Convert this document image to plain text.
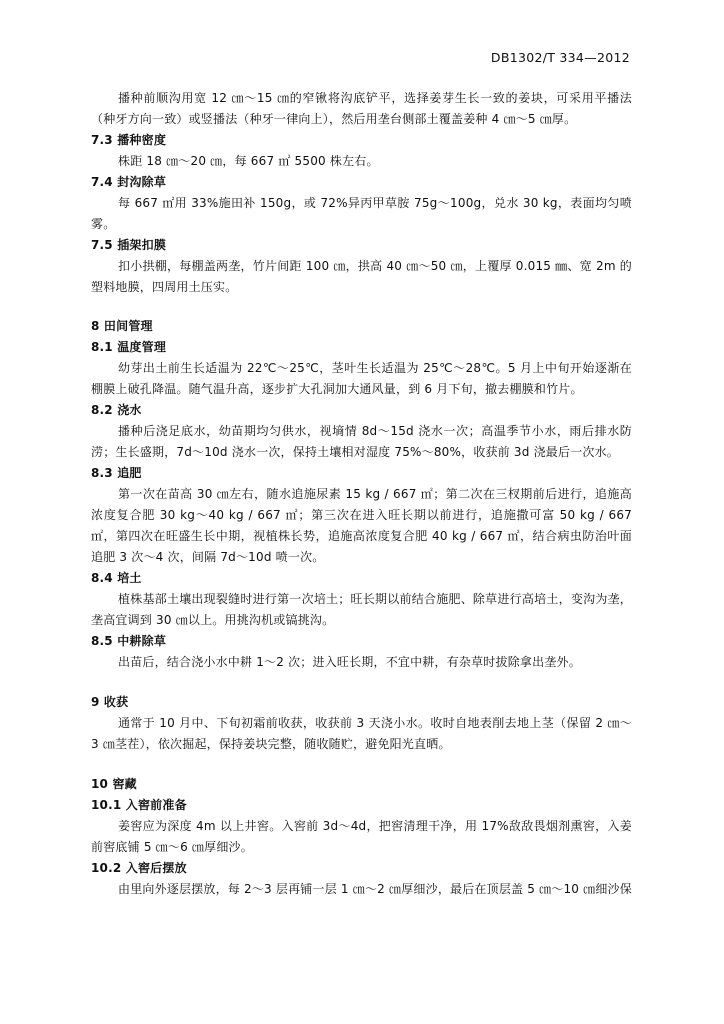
DB1302/T 334—2012

播种前顺沟用宽 12 ㎝～15 ㎝的窄锹将沟底铲平，选择姜芽生长一致的姜块，可采用平播法（种牙方向一致）或竖播法（种牙一律向上），然后用垄台侧部土覆盖姜种 4 ㎝～5 ㎝厚。

7.3 播种密度

株距 18 ㎝～20 ㎝，每 667 ㎡ 5500 株左右。

7.4 封沟除草

每 667 ㎡用 33%施田补 150g，或 72%异丙甲草胺 75g～100g，兑水 30 kg，表面均匀喷雾。

7.5 插架扣膜

扣小拱棚，每棚盖两垄，竹片间距 100 ㎝，拱高 40 ㎝～50 ㎝，上覆厚 0.015 ㎜、宽 2m 的塑料地膜，四周用土压实。

8 田间管理

8.1 温度管理

幼芽出土前生长适温为 22℃～25℃，茎叶生长适温为 25℃～28℃。5 月上中旬开始逐渐在棚膜上破孔降温。随气温升高，逐步扩大孔洞加大通风量，到 6 月下旬，撤去棚膜和竹片。

8.2 浇水

播种后浇足底水，幼苗期均匀供水，视墒情 8d～15d 浇水一次；高温季节小水，雨后排水防涝；生长盛期，7d～10d 浇水一次，保持土壤相对湿度 75%～80%，收获前 3d 浇最后一次水。

8.3 追肥

第一次在苗高 30 ㎝左右，随水追施尿素 15 kg / 667 ㎡；第二次在三杈期前后进行，追施高浓度复合肥 30 kg～40 kg / 667 ㎡；第三次在进入旺长期以前进行，追施撒可富 50 kg / 667 ㎡，第四次在旺盛生长中期，视植株长势，追施高浓度复合肥 40 kg / 667 ㎡，结合病虫防治叶面追肥 3 次～4 次，间隔 7d～10d 喷一次。

8.4 培土

植株基部土壤出现裂缝时进行第一次培土；旺长期以前结合施肥、除草进行高培土，变沟为垄，垄高宜调到 30 ㎝以上。用挑沟机或镐挑沟。

8.5 中耕除草

出苗后，结合浇小水中耕 1～2 次；进入旺长期，不宜中耕，有杂草时拔除拿出垄外。

9 收获

通常于 10 月中、下旬初霜前收获，收获前 3 天浇小水。收时自地表削去地上茎（保留 2 ㎝～3 ㎝茎茬），依次掘起，保持姜块完整，随收随贮，避免阳光直晒。

10 窖藏

10.1 入窖前准备

姜窖应为深度 4m 以上井窖。入窖前 3d～4d，把窖清理干净，用 17%敌敌畏烟剂熏窖，入姜前窖底铺 5 ㎝～6 ㎝厚细沙。

10.2 入窖后摆放

由里向外逐层摆放，每 2～3 层再铺一层 1 ㎝～2 ㎝厚细沙，最后在顶层盖 5 ㎝～10 ㎝细沙保
